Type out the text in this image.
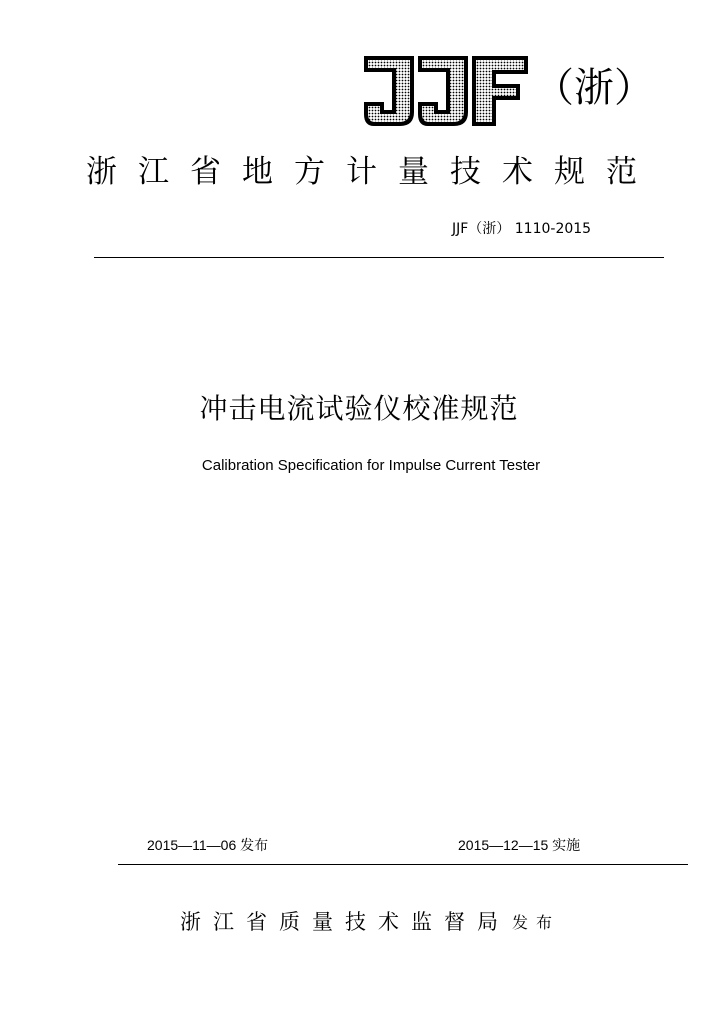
（浙）
浙江省地方计量技术规范
JJF（浙） 1110-2015
冲击电流试验仪校准规范
Calibration Specification for Impulse Current Tester
2015—11—06 发布	2015—12—15 实施
浙江省质量技术监督局 发布
